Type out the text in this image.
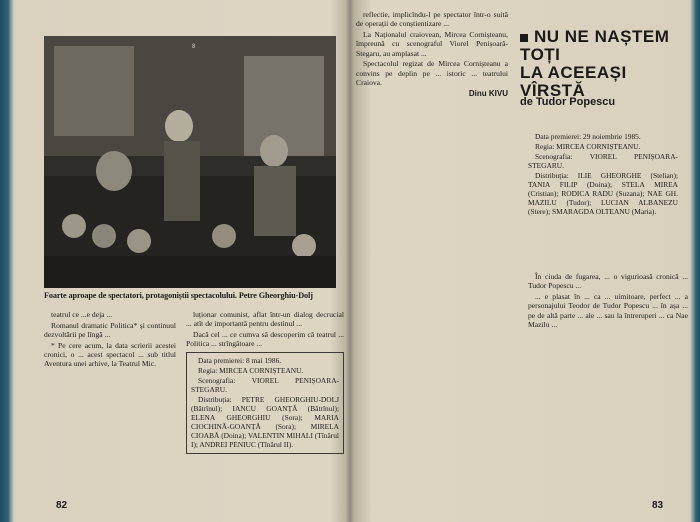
8
Foarte aproape de spectatori, protagoniștii spectacolului. Petre Gheorghiu-Dolj

teatrul ce ...e deja ...

Romanul dramatic Politica* și continuul dezvoltării pe lîngă ...

* Pe cere acum, la data scrierii acestei cronici, o ... acest spectacol ... sub titlul Aventura unei arhive, la Teatrul Mic.

luționar comunist, aflat într-un dialog decrucial ... atît de importantă pentru destinul ...

Dacă cel ... ce cumva să descoperim că teatrul ... Politica ... strîngătoare ...

Data premierei: 8 mai 1986.

Regia: MIRCEA CORNIȘTEANU.

Scenografia: VIOREL PENIȘOARA-STEGARU.

Distribuția: PETRE GHEORGHIU-DOLJ (Bătrînul); IANCU GOANȚĂ (Bătrînul); ELENA GHEORGHIU (Sora); MARIA CIOCHINĂ-GOANȚĂ (Sora); MIRELA CIOABĂ (Doina); VALENTIN MIHALI (Tînărul I); ANDREI PENIUC (Tînărul II).

82

reflectie, implicîndu-l pe spectator într-o suită de operații de conștientizare ...

La Naționalul craiovean, Mircea Cornișteanu, împreună cu scenograful Viorel Penișoară-Stegaru, au amplasat ...

Spectacolul regizat de Mircea Cornișteanu a convins pe deplin pe ... istoric ... teatrului Craiova.

Dinu KIVU
NU NE NAȘTEM
TOȚI
LA ACEEAȘI VÎRSTĂ
de Tudor Popescu

Data premierei: 29 noiembrie 1985.

Regia: MIRCEA CORNIȘTEANU.

Scenografia: VIOREL PENIȘOARA-STEGARU.

Distribuția: ILIE GHEORGHE (Stelian); TANIA FILIP (Doina); STELA MIREA (Cristian); RODICA RADU (Suzana); NAE GH. MAZILU (Tudor); LUCIAN ALBANEZU (Stere); SMARAGDA OLTEANU (Maria).

În ciuda de fugarea, ... o vigurioasă cronică ... Tudor Popescu ...

... e plasat în ... ca ... uimitoare, perfect ... a personajului Teodor de Tudor Popescu ... în așa ... pe de altă parte ... ale ... sau la întreruperi ... ca Nae Mazilu ...

83
